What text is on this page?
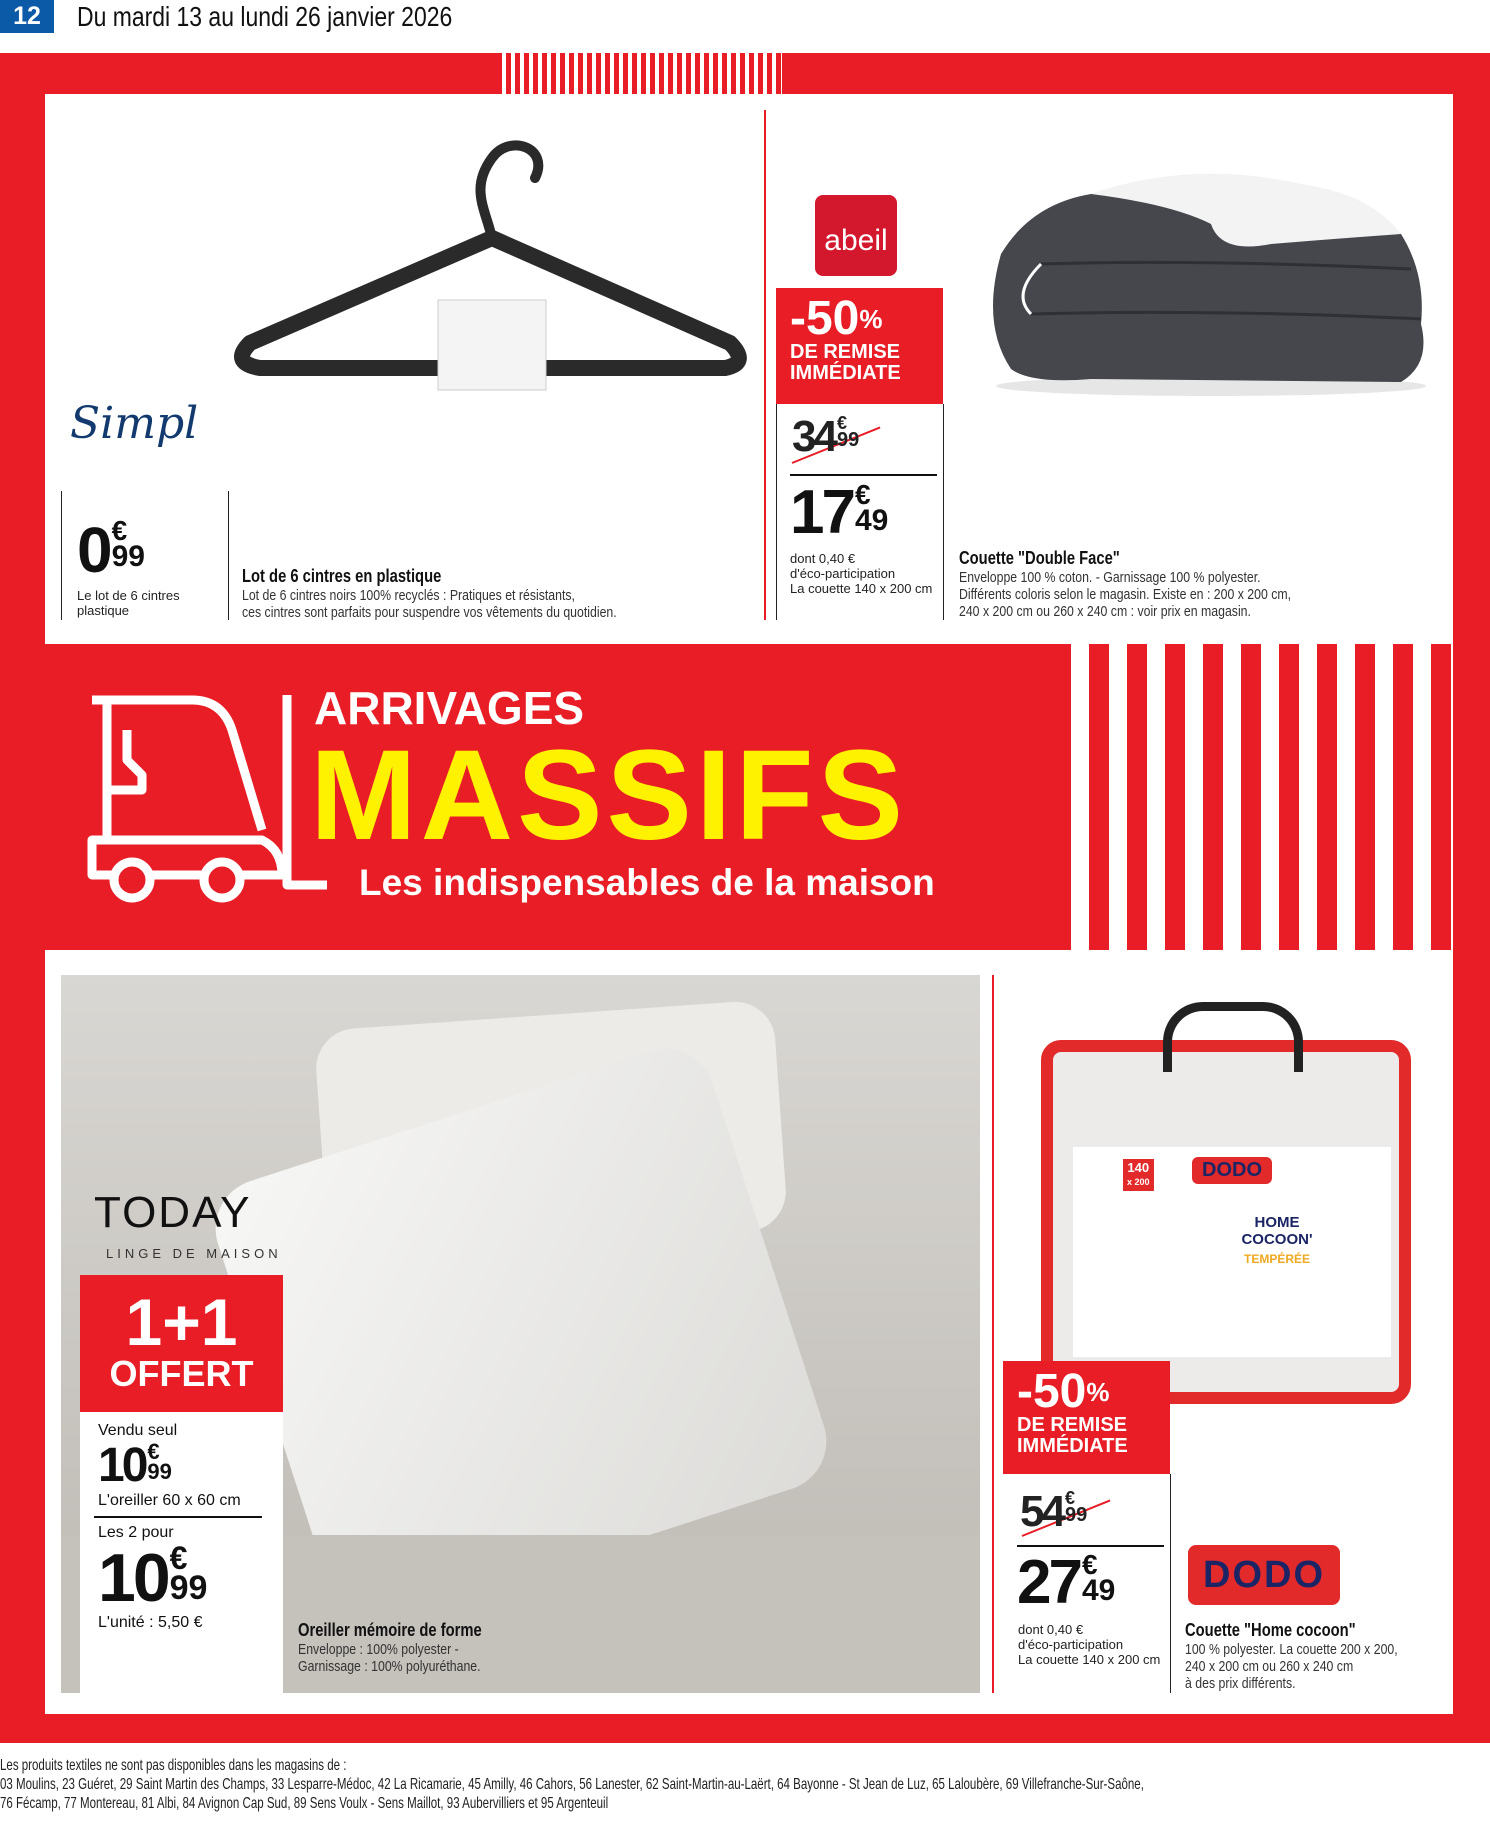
12	Du mardi 13 au lundi 26 janvier 2026
Simpl
0 €
99
Le lot de 6 cintres plastique
Lot de 6 cintres en plastique
Lot de 6 cintres noirs 100% recyclés : Pratiques et résistants,
ces cintres sont parfaits pour suspendre vos vêtements du quotidien.
abeil
-50%
DE REMISE
IMMÉDIATE
34 €
99
17 €
49
dont 0,40 €
d'éco-participation
La couette 140 x 200 cm
Couette "Double Face"
Enveloppe 100 % coton. - Garnissage 100 % polyester.
Différents coloris selon le magasin. Existe en : 200 x 200 cm,
240 x 200 cm ou 260 x 240 cm : voir prix en magasin.
ARRIVAGES
MASSIFS
Les indispensables de la maison
TODAY
LINGE DE MAISON
1+1
OFFERT
Vendu seul
10 €
99
L'oreiller 60 x 60 cm
Les 2 pour
10 €
99
L'unité : 5,50 €	Oreiller mémoire de forme
Enveloppe : 100% polyester -
Garnissage : 100% polyuréthane.
140
x 200
DODO
HOME
COCOON'
TEMPÉRÉE
-50%
DE REMISE
IMMÉDIATE
54 €
99
27 €
49
dont 0,40 €
d'éco-participation
La couette 140 x 200 cm
DODO
Couette "Home cocoon"
100 % polyester. La couette 200 x 200,
240 x 200 cm ou 260 x 240 cm
à des prix différents.
Les produits textiles ne sont pas disponibles dans les magasins de :
03 Moulins, 23 Guéret, 29 Saint Martin des Champs, 33 Lesparre-Médoc, 42 La Ricamarie, 45 Amilly, 46 Cahors, 56 Lanester, 62 Saint-Martin-au-Laërt, 64 Bayonne - St Jean de Luz, 65 Laloubère, 69 Villefranche-Sur-Saône,
76 Fécamp, 77 Montereau, 81 Albi, 84 Avignon Cap Sud, 89 Sens Voulx - Sens Maillot, 93 Aubervilliers et 95 Argenteuil
